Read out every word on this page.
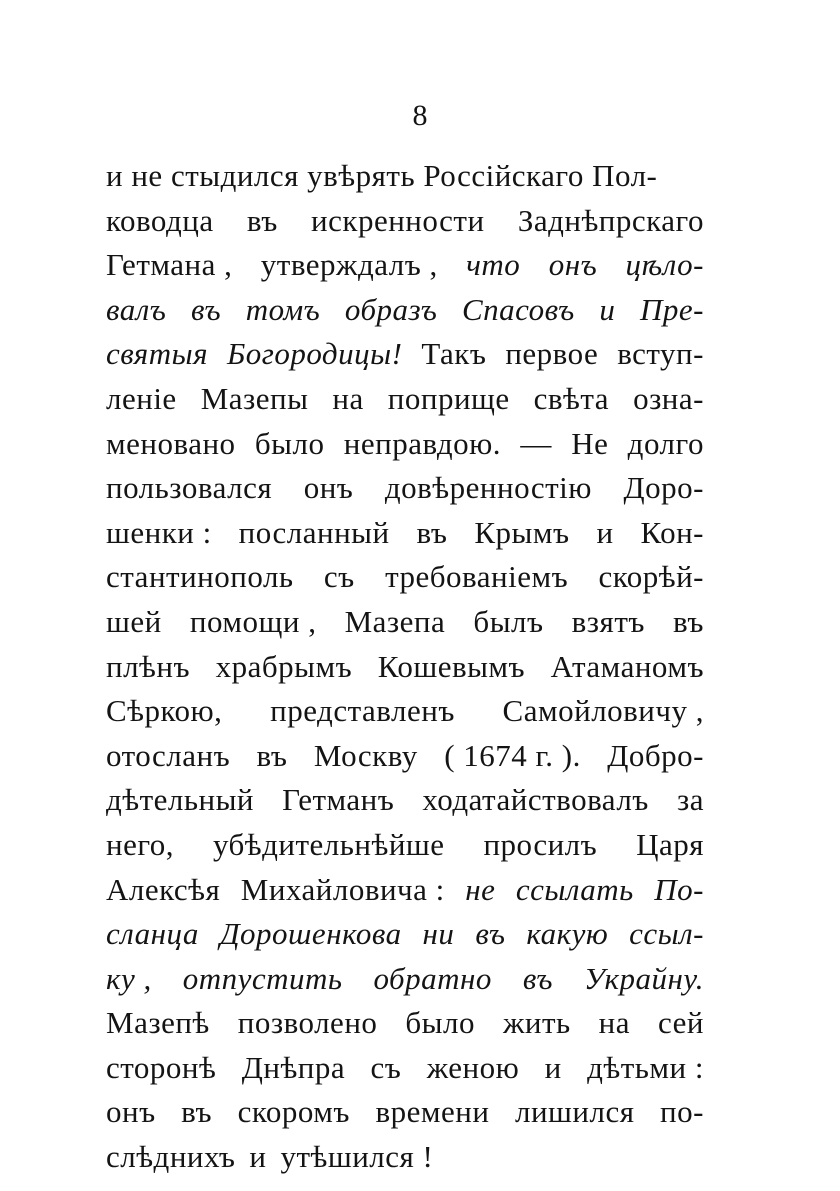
8
и не стыдился увѣрять Россійскаго Пол-
ководца въ искренности Заднѣпрскаго
Гетмана , утверждалъ , что онъ цѣло-
валъ въ томъ образъ Спасовъ и Пре-
святыя Богородицы! Такъ первое вступ-
леніе Мазепы на поприще свѣта озна-
меновано было неправдою. — Не долго
пользовался онъ довѣренностію Доро-
шенки : посланный въ Крымъ и Кон-
стантинополь съ требованіемъ скорѣй-
шей помощи , Мазепа былъ взятъ въ
плѣнъ храбрымъ Кошевымъ Атаманомъ
Сѣркою, представленъ Самойловичу ,
отосланъ въ Москву ( 1674 г. ). Добро-
дѣтельный Гетманъ ходатайствовалъ за
него, убѣдительнѣйше просилъ Царя
Алексѣя Михайловича : не ссылать По-
сланца Дорошенкова ни въ какую ссыл-
ку , отпустить обратно въ Украйну.
Мазепѣ позволено было жить на сей
сторонѣ Днѣпра съ женою и дѣтьми :
онъ въ скоромъ времени лишился по-
слѣднихъ и утѣшился !
